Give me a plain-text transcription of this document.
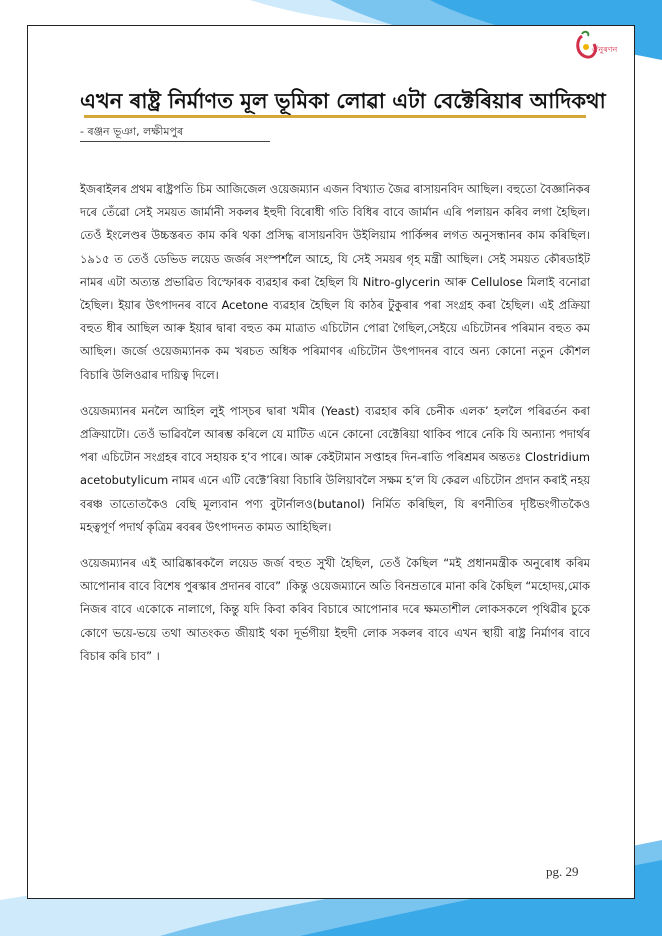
ঐনুৰণন
এখন ৰাষ্ট্ৰ নিৰ্মাণত মূল ভূমিকা লোৱা এটা বেক্টেৰিয়াৰ আদিকথা

- ৰঞ্জন ভূঞা, লক্ষীমপুৰ

ইজৰাইলৰ প্ৰথম ৰাষ্ট্ৰপতি চিম আজিজেল ওয়েজম্যান এজন বিখ্যাত জৈৱ ৰাসায়নবিদ আছিল। বহুতো বৈজ্ঞানিকৰ দৰে তেঁৱো সেই সময়ত জাৰ্মানী সকলৰ ইহুদী বিৰোধী গতি বিধিৰ বাবে জাৰ্মান এৰি পলায়ন কৰিব লগা হৈছিল। তেওঁ ইংলেণ্ডৰ উচ্চস্তৰত কাম কৰি থকা প্ৰসিদ্ধ ৰাসায়নবিদ উইলিয়াম পাৰ্কিন্সৰ লগত অনুসন্ধানৰ কাম কৰিছিল। ১৯১৫ ত তেওঁ ডেভিড লয়েড জৰ্জৰ সংস্পৰ্শলৈ আহে, যি সেই সময়ৰ গৃহ মন্ত্ৰী আছিল। সেই সময়ত কৌৰডাইট নামৰ এটা অত্যন্ত প্ৰভাৱিত বিস্ফোৰক ব্যৱহাৰ কৰা হৈছিল যি Nitro-glycerin আৰু Cellulose মিলাই বনোৱা হৈছিল। ইয়াৰ উৎপাদনৰ বাবে Acetone ব্যৱহাৰ হৈছিল যি কাঠৰ টুকুৰাৰ পৰা সংগ্ৰহ কৰা হৈছিল। এই প্ৰক্ৰিয়া বহুত ধীৰ আছিল আৰু ইয়াৰ দ্বাৰা বহুত কম মাত্ৰাত এচিটোন পোৱা গৈছিল,সেইয়ে এচিটোনৰ পৰিমান বহুত কম আছিল। জৰ্জে ওয়েজম্যানক কম খৰচত অধিক পৰিমাণৰ এচিটোন উৎপাদনৰ বাবে অন্য কোনো নতুন কৌশল বিচাৰি উলিওৱাৰ দায়িত্ব দিলে।

ওয়েজম্যানৰ মনলৈ আহিল লুই পাস্চৰ দ্বাৰা খমীৰ (Yeast) ব্যৱহাৰ কৰি চেনীক এলক’ হললৈ পৰিৱৰ্তন কৰা প্ৰক্ৰিয়াটো। তেওঁ ভাৱিবলৈ আৰম্ভ কৰিলে যে মাটিত এনে কোনো বেক্টেৰিয়া থাকিব পাৰে নেকি যি অন্যান্য পদাৰ্থৰ পৰা এচিটোন সংগ্ৰহৰ বাবে সহায়ক হ’ব পাৰে। আৰু কেইটামান সপ্তাহৰ দিন-ৰাতি পৰিশ্ৰমৰ অন্ততঃ Clostridium acetobutylicum নামৰ এনে এটি বেক্টে’ৰিয়া বিচাৰি উলিয়াবলৈ সক্ষম হ’ল যি কেৱল এচিটোন প্ৰদান কৰাই নহয় বৰঞ্চ তাতোতকৈও বেছি মূল্যবান পণ্য বুটাৰ্নালও(butanol) নিৰ্মিত কৰিছিল, যি ৰণনীতিৰ দৃষ্টিভংগীতকৈও মহত্বপূৰ্ণ পদাৰ্থ কৃত্ৰিম ৰবৰৰ উৎপাদনত কামত আহিছিল।

ওয়েজম্যানৰ এই আৱিষ্কাৰকলৈ লয়েড জৰ্জ বহুত সুখী হৈছিল, তেওঁ কৈছিল “মই প্ৰধানমন্ত্ৰীক অনুৰোধ কৰিম আপোনাৰ বাবে বিশেষ পুৰস্কাৰ প্ৰদানৰ বাবে” ।কিন্তু ওয়েজম্যানে অতি বিনম্ৰতাৰে মানা কৰি কৈছিল “মহোদয়,মোক নিজৰ বাবে একোকে নালাগে, কিন্তু যদি কিবা কৰিব বিচাৰে আপোনাৰ দৰে ক্ষমতাশীল লোকসকলে পৃথিৱীৰ চুকে কোণে ভয়ে-ভয়ে তথা আতংকত জীয়াই থকা দূৰ্ভগীয়া ইহুদী লোক সকলৰ বাবে এখন স্থায়ী ৰাষ্ট্ৰ নিৰ্মাণৰ বাবে বিচাৰ কৰি চাব” ।

pg. 29
